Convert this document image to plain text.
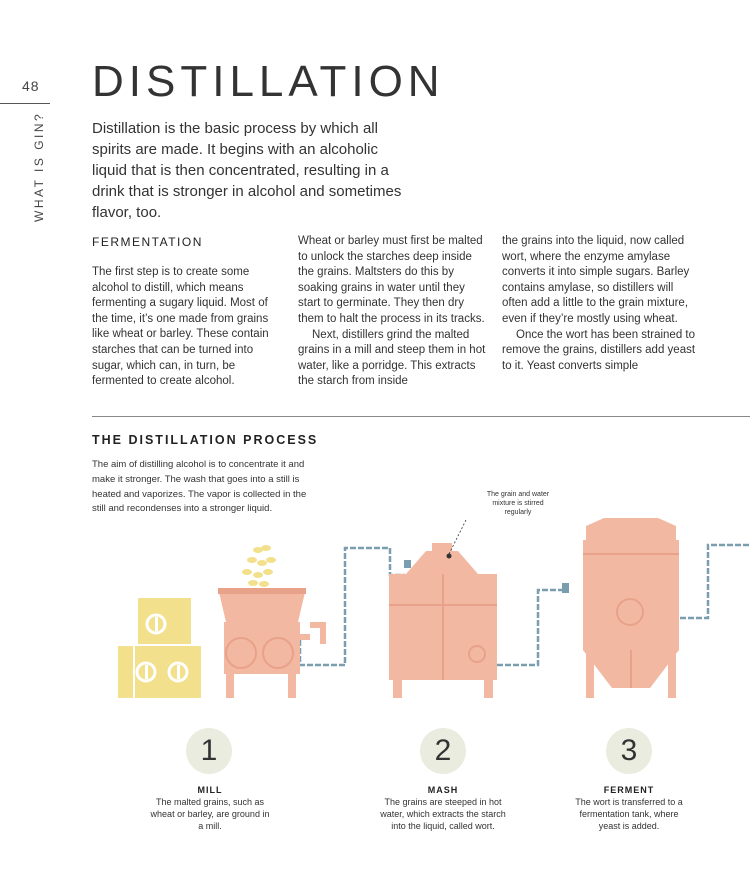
48
WHAT IS GIN?
DISTILLATION

Distillation is the basic process by which all spirits are made. It begins with an alcoholic liquid that is then concentrated, resulting in a drink that is stronger in alcohol and sometimes flavor, too.

FERMENTATION

The first step is to create some alcohol to distill, which means fermenting a sugary liquid. Most of the time, it’s one made from grains like wheat or barley. These contain starches that can be turned into sugar, which can, in turn, be fermented to create alcohol.

Wheat or barley must first be malted to unlock the starches deep inside the grains. Maltsters do this by soaking grains in water until they start to germinate. They then dry them to halt the process in its tracks.

Next, distillers grind the malted grains in a mill and steep them in hot water, like a porridge. This extracts the starch from inside

the grains into the liquid, now called wort, where the enzyme amylase converts it into simple sugars. Barley contains amylase, so distillers will often add a little to the grain mixture, even if they’re mostly using wheat.

Once the wort has been strained to remove the grains, distillers add yeast to it. Yeast converts simple

THE DISTILLATION PROCESS
The aim of distilling alcohol is to concentrate it and make it stronger. The wash that goes into a still is heated and vaporizes. The vapor is collected in the still and recondenses into a stronger liquid.
The grain and water mixture is stirred regularly
1
MILL
The malted grains, such as wheat or barley, are ground in a mill.
2
MASH
The grains are steeped in hot water, which extracts the starch into the liquid, called wort.
3
FERMENT
The wort is transferred to a fermentation tank, where yeast is added.
